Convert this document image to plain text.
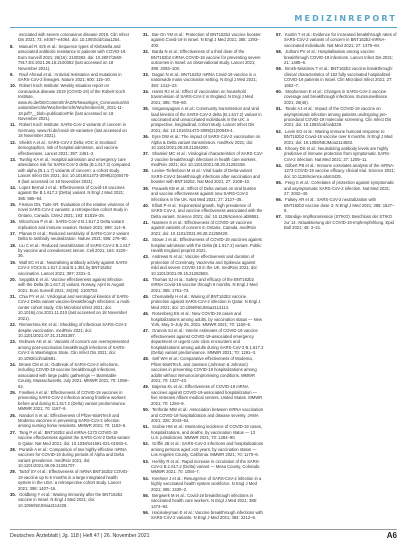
MEDIZINREPORT

ssociated with severe coronavirus disease 2019. Clin Infect Dis 2021; 73: e4057–e4064. doi: 10.1093/cid/ciaa1254.

8. Manuel R. Erb et al.: Sequence types of Klebsiella and associated antibiotic resistance in patients with COVID-19. Euro Surveill 2021; 26(16): 2100382. doi: 10.2807/1560-7917.ES.2021.26.16.2100382 (last accessed on 18 November 2021).

9. Rauf Ahmad et al.: Antiviral resistance and mutations in SARS-CoV-2 lineages. Nature 2021; 600: 115–20.

10. Robert Koch Institute: Weekly situation report on coronavirus disease 2019 (COVID-19) of the Robert Koch Institute, www.rki.de/DE/Content/InfAZ/N/Neuartiges_Coronavirus/Situationsberichte/Wochenbericht/Wochenbericht_2021-11-18.pdf?__blob=publicationFile (last accessed on 18 November 2021).

11. Robert Koch Institute: SARS-CoV-2 variants of concern in Germany. www.rki.de/covid-19-varianten (last accessed on 18 November 2021).

12. Sheikh A et al.: SARS-CoV-2 Delta VOC in Scotland: demographics, risk of hospital admission, and vaccine effectiveness. Lancet 2021; 397: 2461–2.

13. Twohig KA et al.: Hospital admission and emergency care attendance risk for SARS-CoV-2 delta (B.1.617.2) compared with alpha (B.1.1.7) variants of concern: a cohort study. Lancet Infect Dis 2021; doi: 10.1016/S1473-3099(21)00475-8 (last accessed on 18 November 2021).

14. Lopez Bernal J et al.: Effectiveness of Covid-19 vaccines against the B.1.617.2 (Delta) variant. N Engl J Med 2021; 385: 585–94.

15. Fisman DN, Tuite AR: Evaluation of the relative virulence of novel SARS-CoV-2 variants: a retrospective cohort study in Ontario, Canada. CMAJ 2021; 193: E1619–25.

16. Mlcochova P et al.: SARS-CoV-2 B.1.617.2 Delta variant replication and immune evasion. Nature 2021; 599: 114–9.

17. Planas D et al.: Reduced sensitivity of SARS-CoV-2 variant Delta to antibody neutralization. Nature 2021; 596: 276–80.

18. Liu C et al.: Reduced neutralization of SARS-CoV-2 B.1.617 by vaccine and convalescent serum. Cell 2021; 184: 4220–36.

19. Wall EC et al.: Neutralising antibody activity against SARS-CoV-2 VOCs B.1.617.2 and B.1.351 by BNT162b2 vaccination. Lancet 2021; 397: 2331–3.

20. Seppälä E et al.: Vaccine effectiveness against infection with the Delta (B.1.617.2) variant, Norway, April to August 2021. Euro Surveill 2021; 26(35): 2100793.

21. Chia PY et al.: Virological and serological kinetics of SARS-CoV-2 Delta variant vaccine-breakthrough infections: a multi-center cohort study. Clin Microbiol Infect 2021; doi: 10.1016/j.cmi.2021.11.010 (last accessed on 18 November 2021).

22. Riemersma KK et al.: Shedding of infectious SARS-CoV-2 despite vaccination. medRxiv 2021; doi: 10.1101/2021.07.31.21261387.

23. McEwen AE et al.: Variants of concern are overrepresented among post-vaccination breakthrough infections of SARS-CoV-2 in Washington State. Clin Infect Dis 2021; doi: 10.1093/cid/ciab581.

24. Brown CM et al.: Outbreak of SARS-CoV-2 infections, including COVID-19 vaccine breakthrough infections, associated with large public gatherings — Barnstable County, Massachusetts, July 2021. MMWR 2021; 70: 1059–62.

25. Fowlkes A et al.: Effectiveness of COVID-19 vaccines in preventing SARS-CoV-2 infection among frontline workers before and during B.1.617.2 (Delta) variant predominance. MMWR 2021; 70: 1167–9.

26. Nanduri S et al.: Effectiveness of Pfizer-BioNTech and Moderna vaccines in preventing SARS-CoV-2 infection among nursing home residents. MMWR 2021; 70: 1163–6.

27. Tang P et al.: BNT162b2 and mRNA-1273 COVID-19 vaccine effectiveness against the SARS-CoV-2 Delta variant in Qatar. Nat Med 2021; doi: 10.1038/s41591-021-01583-4.

28. Puranik A et al.: Comparison of two highly-effective mRNA vaccines for COVID-19 during periods of Alpha and Delta variant prevalence. medRxiv 2021; doi: 10.1101/2021.08.06.21261707.

29. Tartof SY et al.: Effectiveness of mRNA BNT162b2 COVID-19 vaccine up to 6 months in a large integrated health system in the USA: a retrospective cohort study. Lancet 2021; 398: 1407–16.

30. Goldberg Y et al.: Waning immunity after the BNT162b2 vaccine in Israel. N Engl J Med 2021; doi: 10.1056/NEJMoa2114228.

31. Bar-On YM et al.: Protection of BNT162b2 vaccine booster against Covid-19 in Israel. N Engl J Med 2021; 385: 1393–400.

32. Barda N et al.: Effectiveness of a third dose of the BNT162b2 mRNA COVID-19 vaccine for preventing severe outcomes in Israel: an observational study. Lancet 2021; 398: 2093–100.

33. Dagan N et al.: BNT162b2 mRNA Covid-19 vaccine in a nationwide mass vaccination setting. N Engl J Med 2021; 384: 1412–23.

34. Harris RJ et al.: Effect of vaccination on household transmission of SARS-CoV-2 in England. N Engl J Med 2021; 385: 759–60.

35. Singanayagam A et al.: Community transmission and viral load kinetics of the SARS-CoV-2 delta (B.1.617.2) variant in vaccinated and unvaccinated individuals in the UK: a prospective, longitudinal, cohort study. Lancet Infect Dis 2021; doi: 10.1016/S1473-3099(21)00648-4.

36. Eyre DW et al.: The impact of SARS-CoV-2 vaccination on Alpha & Delta variant transmission. medRxiv 2021; doi: 10.1101/2021.09.28.21264260.

37. Shamier MC et al.: Virological characteristics of SARS-CoV-2 vaccine breakthrough infections in health care workers. medRxiv 2021; doi: 10.1101/2021.08.20.21262158.

38. Levine-Tiefenbrun M et al.: Viral loads of Delta-variant SARS-CoV-2 breakthrough infections after vaccination and booster with BNT162b2. Nat Med 2021; 27: 2108–10.

39. Pouwels KB et al.: Effect of Delta variant on viral burden and vaccine effectiveness against new SARS-CoV-2 infections in the UK. Nat Med 2021; 27: 2127–35.

40. Elliott P et al.: Exponential growth, high prevalence of SARS-CoV-2, and vaccine effectiveness associated with the Delta variant. Science 2021; doi: 10.1126/science.abl9551.

41. Nasreen S et al.: Effectiveness of COVID-19 vaccines against variants of concern in Ontario, Canada. medRxiv 2021; doi: 10.1101/2021.06.28.21259420.

42. Stowe J et al.: Effectiveness of COVID-19 vaccines against hospital admission with the Delta (B.1.617.2) variant. Public Health England preprint 2021.

43. Andrews N et al.: Vaccine effectiveness and duration of protection of Comirnaty, Vaxzevria and Spikevax against mild and severe COVID-19 in the UK. medRxiv 2021; doi: 10.1101/2021.09.15.21263583.

44. Thomas SJ et al.: Safety and efficacy of the BNT162b2 mRNA Covid-19 vaccine through 6 months. N Engl J Med 2021; 385: 1761–73.

45. Chemaitelly H et al.: Waning of BNT162b2 vaccine protection against SARS-CoV-2 infection in Qatar. N Engl J Med 2021; doi: 10.1056/NEJMoa2114114.

46. Rosenberg ES et al.: New COVID-19 cases and hospitalizations among adults, by vaccination status — New York, May 3–July 25, 2021. MMWR 2021; 70: 1150–5.

47. Grannis SJ et al.: Interim estimates of COVID-19 vaccine effectiveness against COVID-19-associated emergency department or urgent care clinic encounters and hospitalizations among adults during SARS-CoV-2 B.1.617.2 (Delta) variant predominance. MMWR 2021; 70: 1291–3.

48. Self WH et al.: Comparative effectiveness of Moderna, Pfizer-BioNTech, and Janssen (Johnson & Johnson) vaccines in preventing COVID-19 hospitalizations among adults without immunocompromising conditions. MMWR 2021; 70: 1337–43.

49. Bajema KL et al.: Effectiveness of COVID-19 mRNA vaccines against COVID-19-associated hospitalization — five Veterans Affairs medical centers, United States. MMWR 2021; 70: 1294–9.

50. Tenforde MW et al.: Association between mRNA vaccination and COVID-19 hospitalization and disease severity. JAMA 2021; 326: 2043–54.

51. Scobie HM et al.: Monitoring incidence of COVID-19 cases, hospitalizations, and deaths, by vaccination status — 13 U.S. jurisdictions. MMWR 2021; 70: 1284–90.

52. Griffin JB et al.: SARS-CoV-2 infections and hospitalizations among persons aged ≥16 years, by vaccination status — Los Angeles County, California. MMWR 2021; 70: 1170–6.

53. Herlihy R et al.: Rapid increase in circulation of the SARS-CoV-2 B.1.617.2 (Delta) variant — Mesa County, Colorado. MMWR 2021; 70: 1084–7.

54. Keehner J et al.: Resurgence of SARS-CoV-2 infection in a highly vaccinated health system workforce. N Engl J Med 2021; 385: 1330–2.

55. Bergwerk M et al.: Covid-19 breakthrough infections in vaccinated health care workers. N Engl J Med 2021; 385: 1474–84.

56. Hacisuleyman E et al.: Vaccine breakthrough infections with SARS-CoV-2 variants. N Engl J Med 2021; 384: 2212–8.

57. Kustin T et al.: Evidence for increased breakthrough rates of SARS-CoV-2 variants of concern in BNT162b2-mRNA-vaccinated individuals. Nat Med 2021; 27: 1379–84.

58. Juthani PV et al.: Hospitalisation among vaccine breakthrough COVID-19 infections. Lancet Infect Dis 2021; 21: 1485–6.

59. Brosh-Nissimov T et al.: BNT162b2 vaccine breakthrough: clinical characteristics of 152 fully vaccinated hospitalized COVID-19 patients in Israel. Clin Microbiol Infect 2021; 27: 1652–7.

60. Stephenson E et al.: Changes in SARS-CoV-2 vaccine coverage and breakthrough infections. Eurosurveillance 2021; 26(46).

61. Tande AJ et al.: Impact of the COVID-19 vaccine on asymptomatic infection among patients undergoing pre-procedural COVID-19 molecular screening. Clin Infect Dis 2021; doi: 10.1093/cid/ciab229.

62. Levin EG et al.: Waning immune humoral response to BNT162b2 Covid-19 vaccine over 6 months. N Engl J Med 2021; doi: 10.1056/NEJMoa2114583.

63. Khoury DS et al.: Neutralizing antibody levels are highly predictive of immune protection from symptomatic SARS-CoV-2 infection. Nat Med 2021; 27: 1205–11.

64. Gilbert PB et al.: Immune correlates analysis of the mRNA-1273 COVID-19 vaccine efficacy clinical trial. Science 2021; doi: 10.1126/science.abm3425.

65. Feng S et al.: Correlates of protection against symptomatic and asymptomatic SARS-CoV-2 infection. Nat Med 2021; 27: 2032–40.

66. Falsey AR et al.: SARS-CoV-2 neutralization with BNT162b2 vaccine dose 3. N Engl J Med 2021; 385: 1627–9.

67. Ständige Impfkommission (STIKO): Beschluss der STIKO zur 14. Aktualisierung der COVID-19-Impfempfehlung. Epid Bull 2021; 48: 3–21.

Deutsches Ärzteblatt | Jg. 118 | Heft 47 | 26. November 2021	A6
